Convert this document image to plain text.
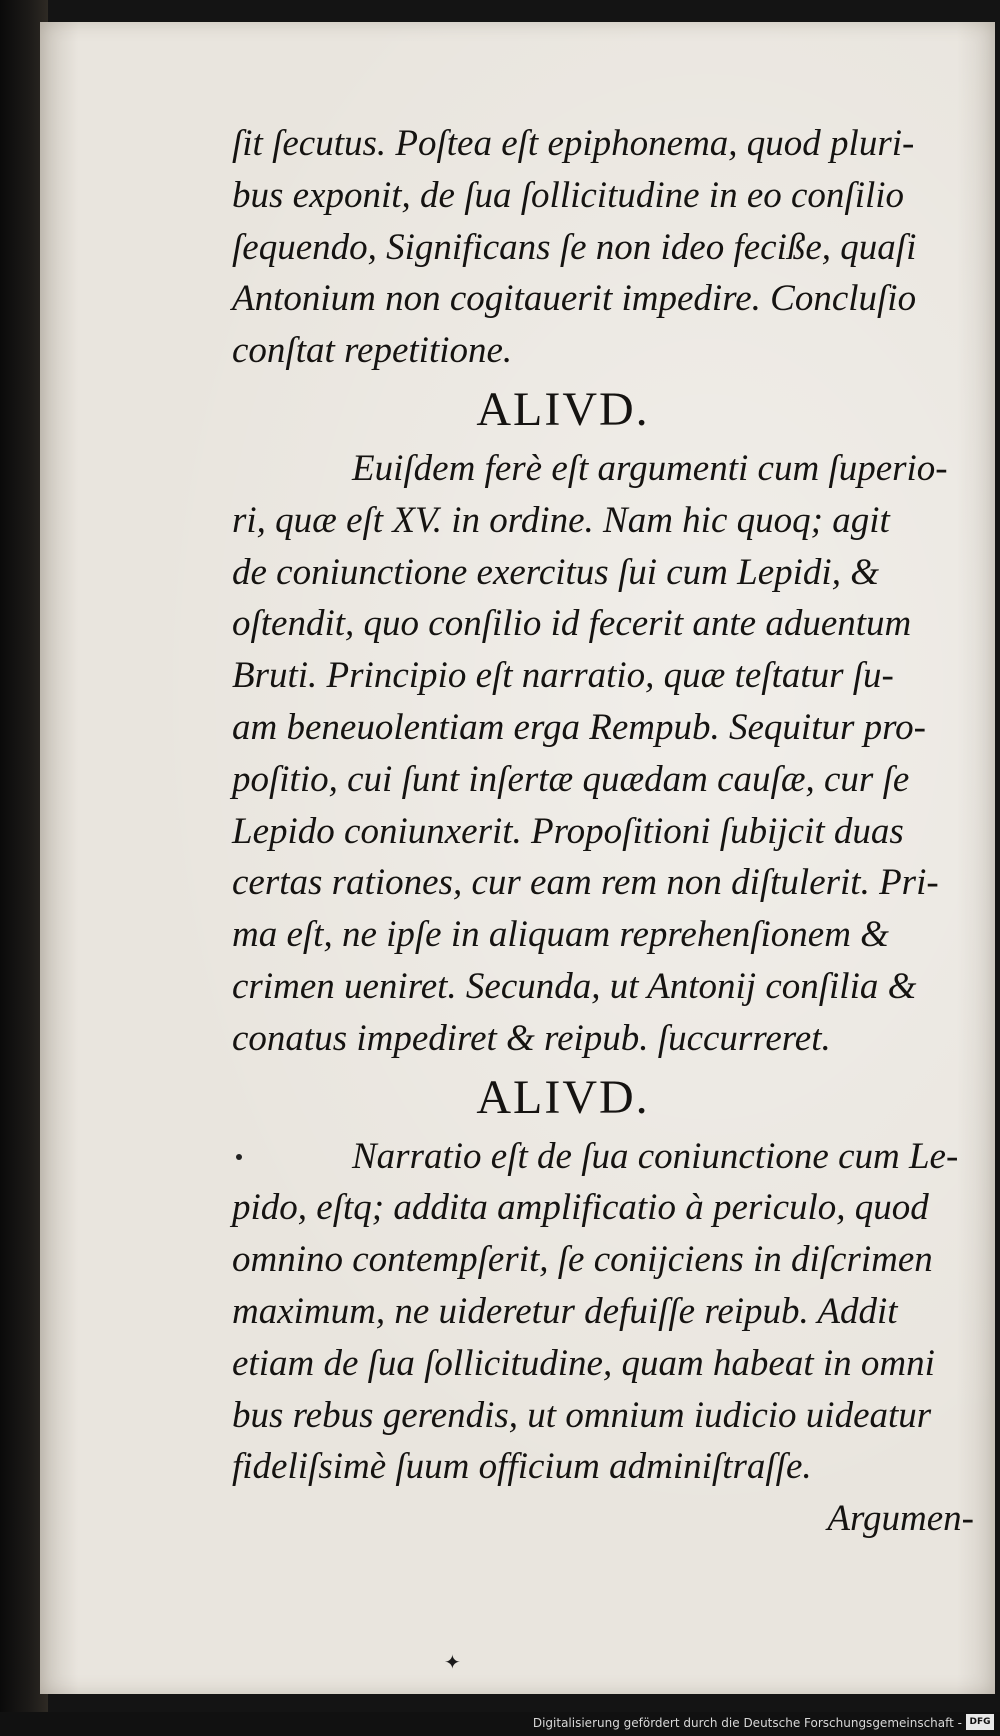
ſit ſecutus. Poſtea eſt epiphonema, quod pluri-
bus exponit, de ſua ſollicitudine in eo conſilio
ſequendo, Significans ſe non ideo feciße, quaſi
Antonium non cogitauerit impedire. Concluſio
conſtat repetitione.
ALIVD.
Euiſdem ferè eſt argumenti cum ſuperio-
ri, quæ eſt XV. in ordine. Nam hic quoq; agit
de coniunctione exercitus ſui cum Lepidi, &
oſtendit, quo conſilio id fecerit ante aduentum
Bruti. Principio eſt narratio, quæ teſtatur ſu-
am beneuolentiam erga Rempub. Sequitur pro-
poſitio, cui ſunt inſertæ quædam cauſæ, cur ſe
Lepido coniunxerit. Propoſitioni ſubijcit duas
certas rationes, cur eam rem non diſtulerit. Pri-
ma eſt, ne ipſe in aliquam reprehenſionem &
crimen ueniret. Secunda, ut Antonij conſilia &
conatus impediret & reipub. ſuccurreret.
ALIVD.
Narratio eſt de ſua coniunctione cum Le-
pido, eſtq; addita amplificatio à periculo, quod
omnino contempſerit, ſe conijciens in diſcrimen
maximum, ne uideretur defuiſſe reipub. Addit
etiam de ſua ſollicitudine, quam habeat in omni
bus rebus gerendis, ut omnium iudicio uideatur
fideliſsimè ſuum officium adminiſtraſſe.
Argumen-
✦
Digitalisierung gefördert durch die Deutsche Forschungsgemeinschaft - DFG
